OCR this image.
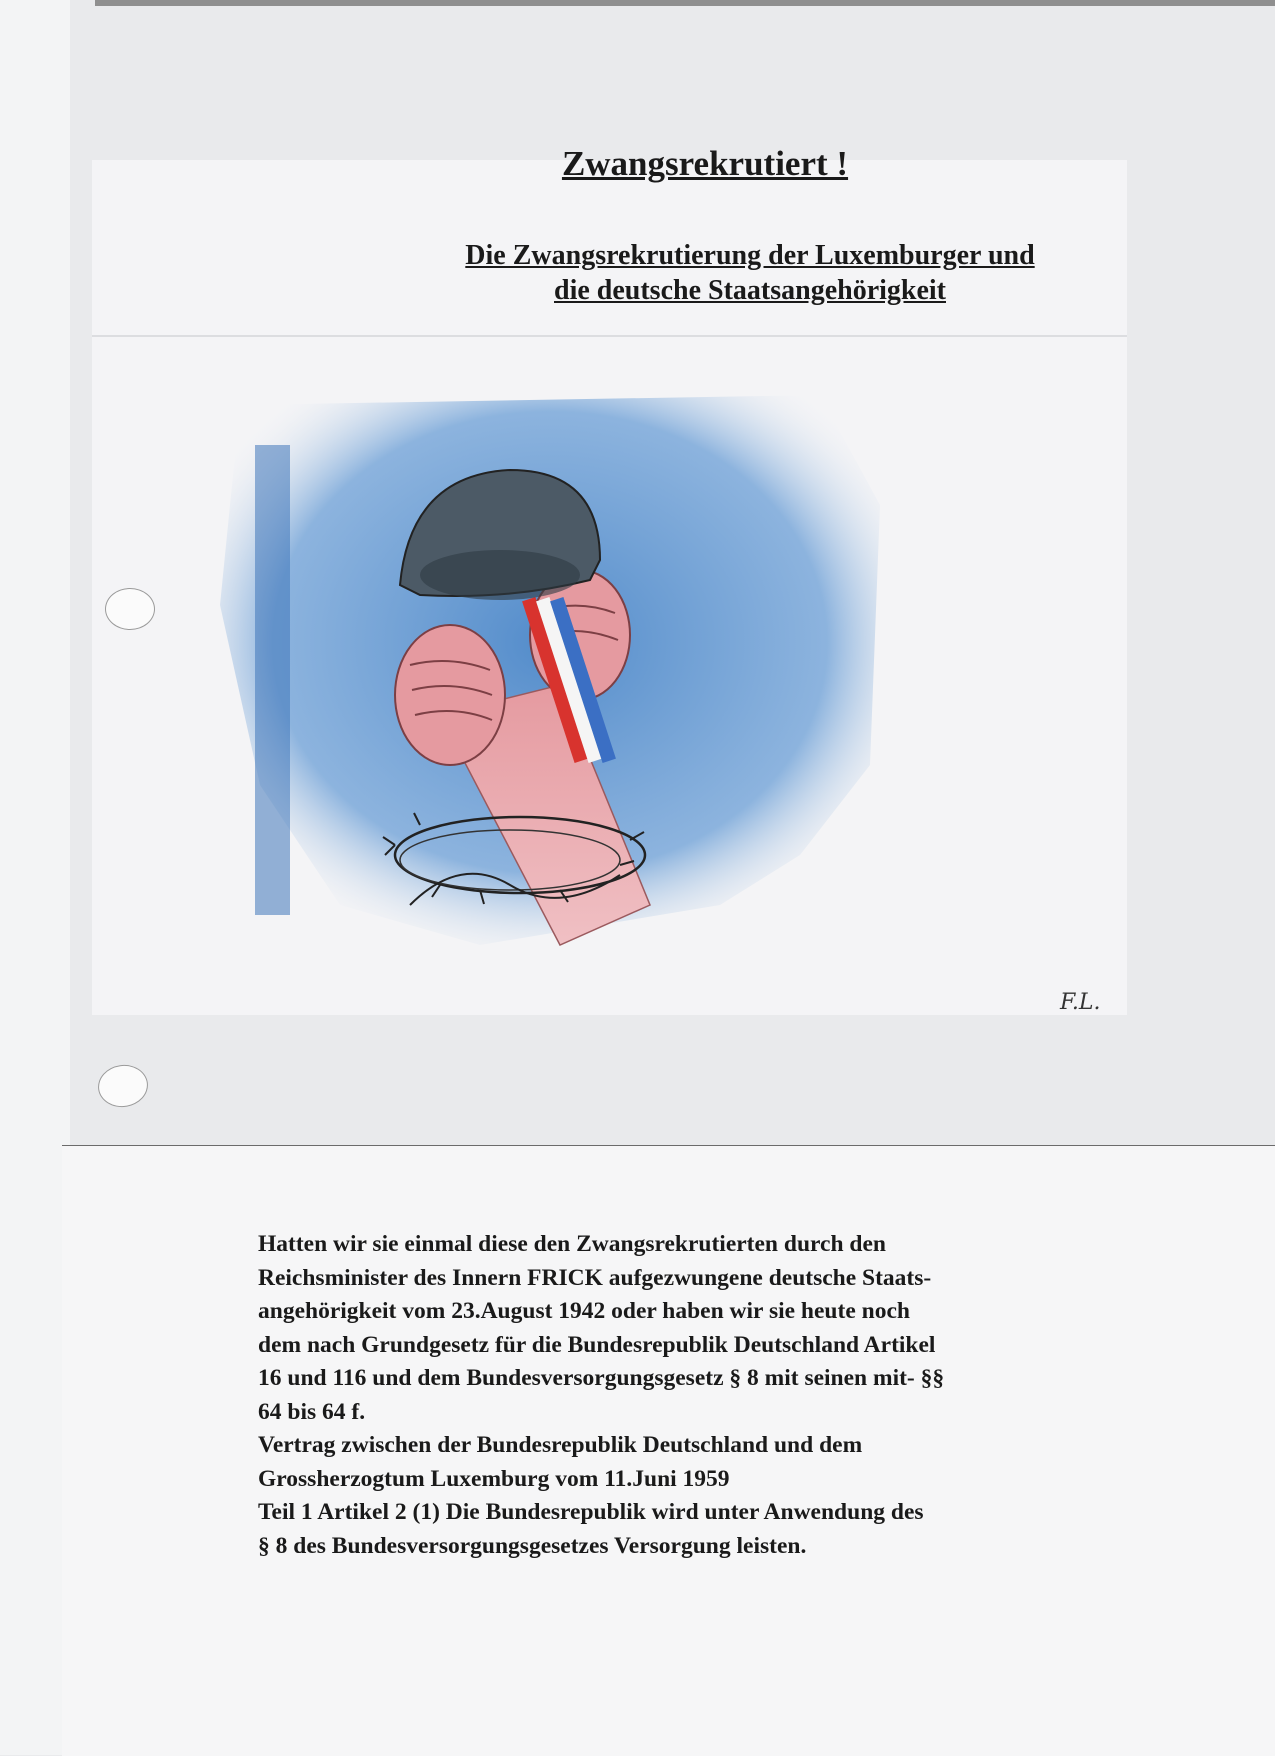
Zwangsrekrutiert !
Die Zwangsrekrutierung der Luxemburger und
die deutsche Staatsangehörigkeit
F.L.
Hatten wir sie einmal diese den Zwangsrekrutierten durch den
Reichsminister des Innern FRICK aufgezwungene deutsche Staats-
angehörigkeit vom 23.August 1942 oder haben wir sie heute noch
dem nach Grundgesetz für die Bundesrepublik Deutschland Artikel
16 und 116 und dem Bundesversorgungsgesetz § 8 mit seinen mit- §§
64 bis 64 f.
Vertrag zwischen der Bundesrepublik Deutschland und dem
Grossherzogtum Luxemburg vom 11.Juni 1959
Teil 1 Artikel 2 (1) Die Bundesrepublik wird unter Anwendung des
§ 8 des Bundesversorgungsgesetzes Versorgung leisten.
